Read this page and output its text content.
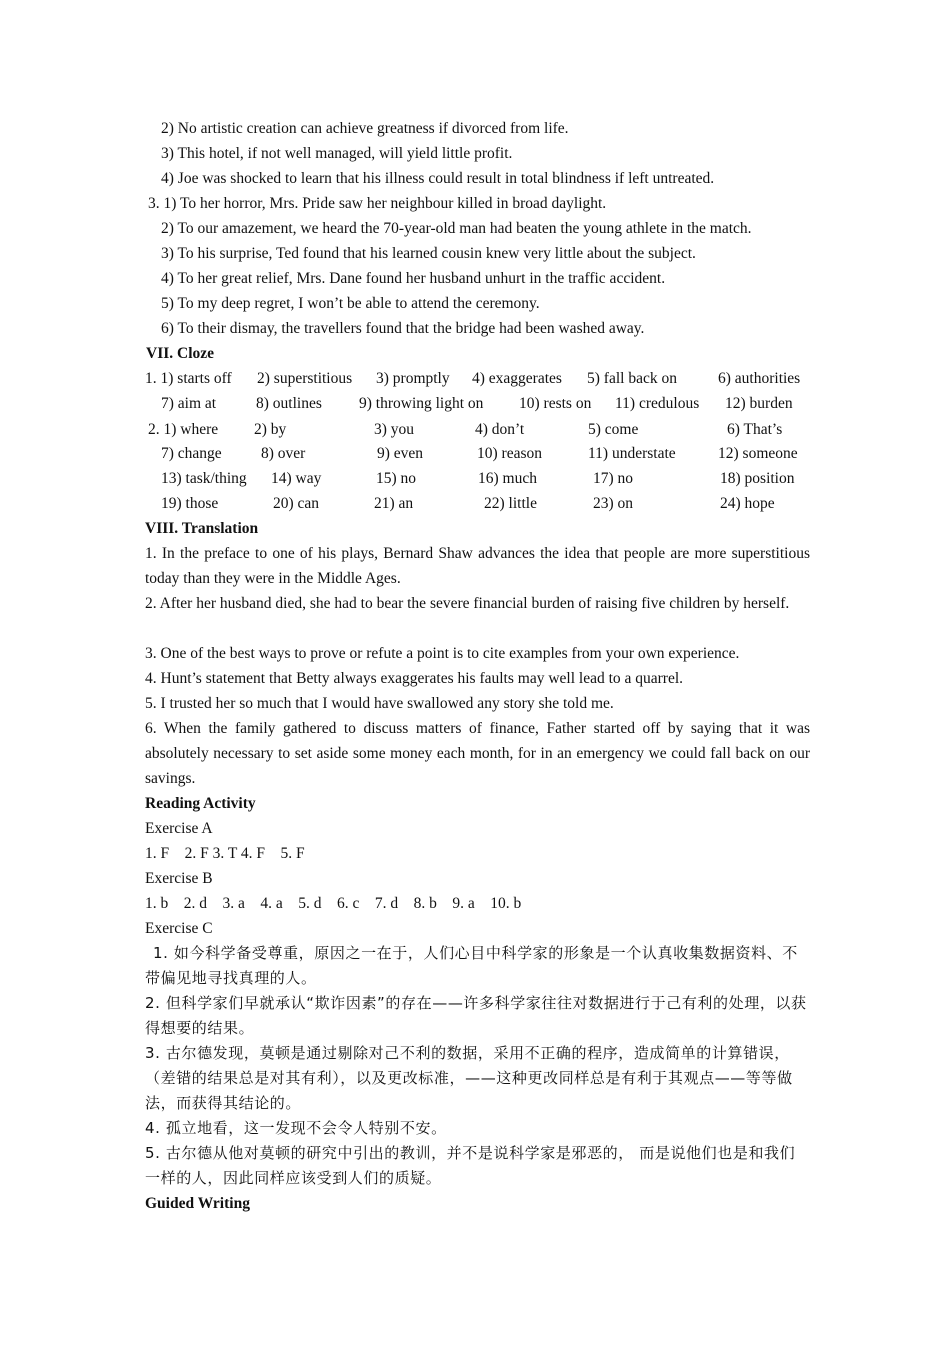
2) No artistic creation can achieve greatness if divorced from life.
3) This hotel, if not well managed, will yield little profit.
4) Joe was shocked to learn that his illness could result in total blindness if left untreated.
3. 1) To her horror, Mrs. Pride saw her neighbour killed in broad daylight.
2) To our amazement, we heard the 70-year-old man had beaten the young athlete in the match.
3) To his surprise, Ted found that his learned cousin knew very little about the subject.
4) To her great relief, Mrs. Dane found her husband unhurt in the traffic accident.
5) To my deep regret, I won’t be able to attend the ceremony.
6) To their dismay, the travellers found that the bridge had been washed away.
VII. Cloze
1. 1) starts off 2) superstitious 3) promptly 4) exaggerates 5) fall back on	6) authorities
7) aim at	8) outlines 9) throwing light on 10) rests on 11) credulous 12) burden
2. 1) where 2) by	3) you	4) don’t	5) come	6) That’s
7) change	8) over	9) even	10) reason	11) understate	12) someone
13) task/thing 14) way	15) no	16) much	17) no	18) position
19) those	20) can	21) an	22) little	23) on	24) hope
VIII. Translation
1. In the preface to one of his plays, Bernard Shaw advances the idea that people are more superstitious today than they were in the Middle Ages.
2. After her husband died, she had to bear the severe financial burden of raising five children by herself.
3. One of the best ways to prove or refute a point is to cite examples from your own experience.
4. Hunt’s statement that Betty always exaggerates his faults may well lead to a quarrel.
5. I trusted her so much that I would have swallowed any story she told me.
6. When the family gathered to discuss matters of finance, Father started off by saying that it was absolutely necessary to set aside some money each month, for in an emergency we could fall back on our savings.
Reading Activity
Exercise A
1. F    2. F 3. T 4. F    5. F
Exercise B
1. b    2. d    3. a    4. a    5. d    6. c    7. d    8. b    9. a    10. b
Exercise C
1. 如今科学备受尊重，原因之一在于，人们心目中科学家的形象是一个认真收集数据资料、不带偏见地寻找真理的人。
2. 但科学家们早就承认“欺诈因素”的存在——许多科学家往往对数据进行于己有利的处理，以获得想要的结果。
3. 古尔德发现，莫顿是通过剔除对己不利的数据，采用不正确的程序，造成简单的计算错误，（差错的结果总是对其有利），以及更改标准，——这种更改同样总是有利于其观点——等等做法，而获得其结论的。
4. 孤立地看，这一发现不会令人特别不安。
5. 古尔德从他对莫顿的研究中引出的教训，并不是说科学家是邪恶的， 而是说他们也是和我们一样的人，因此同样应该受到人们的质疑。
Guided Writing
